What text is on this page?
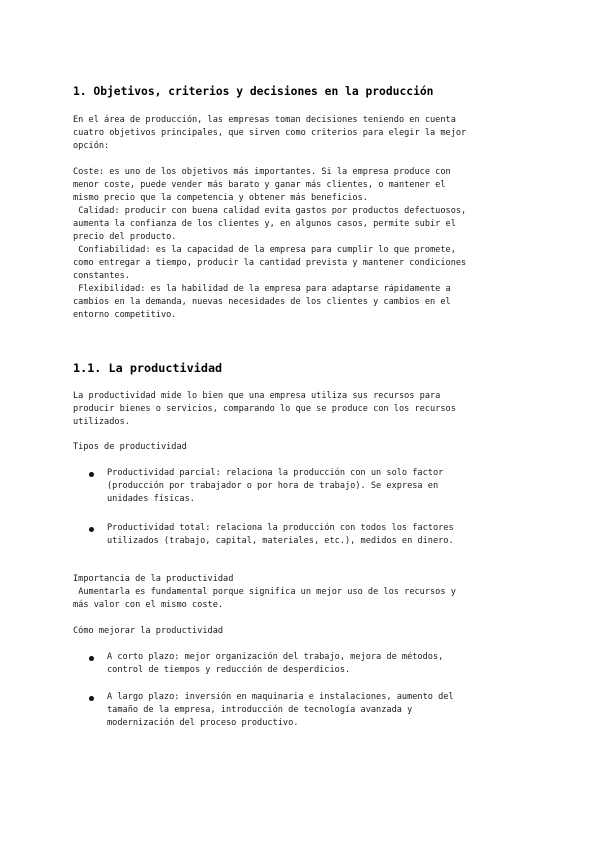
1. Objetivos, criterios y decisiones en la producción
En el área de producción, las empresas toman decisiones teniendo en cuenta
cuatro objetivos principales, que sirven como criterios para elegir la mejor
opción:
Coste: es uno de los objetivos más importantes. Si la empresa produce con
menor coste, puede vender más barato y ganar más clientes, o mantener el
mismo precio que la competencia y obtener más beneficios.
Calidad: producir con buena calidad evita gastos por productos defectuosos,
aumenta la confianza de los clientes y, en algunos casos, permite subir el
precio del producto.
Confiabilidad: es la capacidad de la empresa para cumplir lo que promete,
como entregar a tiempo, producir la cantidad prevista y mantener condiciones
constantes.
Flexibilidad: es la habilidad de la empresa para adaptarse rápidamente a
cambios en la demanda, nuevas necesidades de los clientes y cambios en el
entorno competitivo.
1.1. La productividad
La productividad mide lo bien que una empresa utiliza sus recursos para
producir bienes o servicios, comparando lo que se produce con los recursos
utilizados.
Tipos de productividad
Productividad parcial: relaciona la producción con un solo factor
(producción por trabajador o por hora de trabajo). Se expresa en
unidades físicas.
Productividad total: relaciona la producción con todos los factores
utilizados (trabajo, capital, materiales, etc.), medidos en dinero.
Importancia de la productividad
Aumentarla es fundamental porque significa un mejor uso de los recursos y
más valor con el mismo coste.
Cómo mejorar la productividad
A corto plazo: mejor organización del trabajo, mejora de métodos,
control de tiempos y reducción de desperdicios.
A largo plazo: inversión en maquinaria e instalaciones, aumento del
tamaño de la empresa, introducción de tecnología avanzada y
modernización del proceso productivo.
